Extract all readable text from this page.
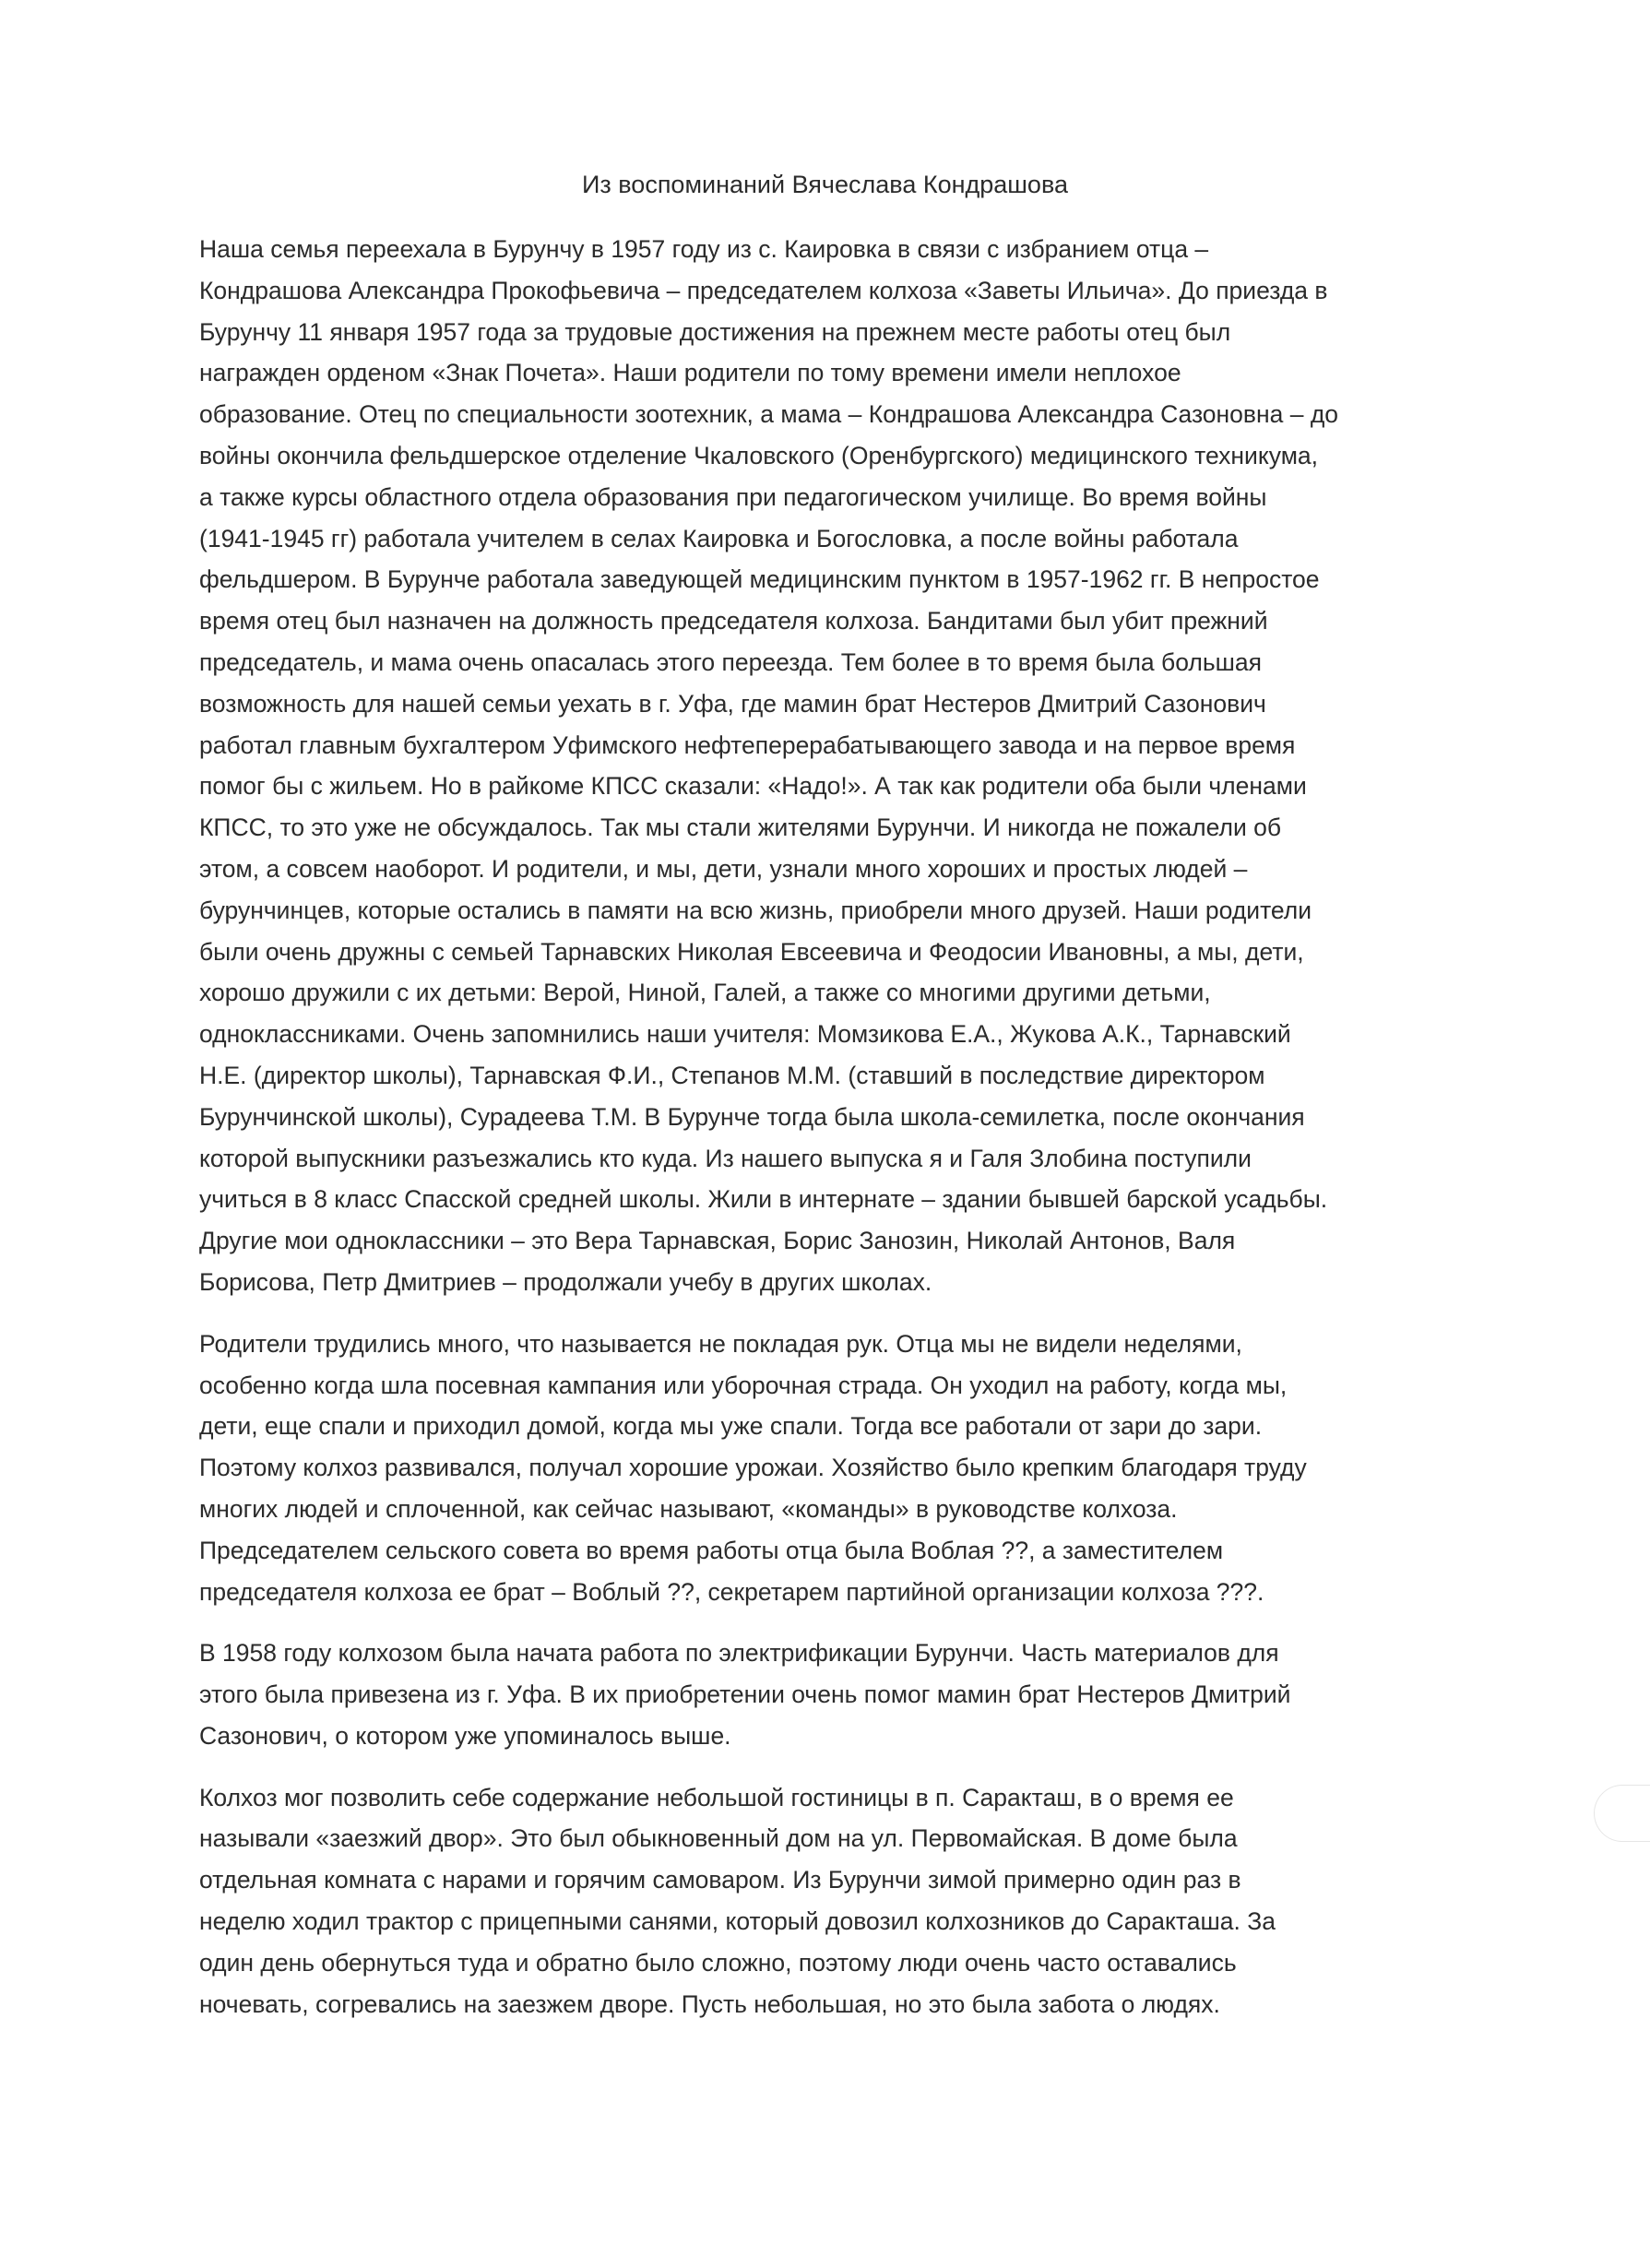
Из воспоминаний Вячеслава Кондрашова

Наша семья переехала в Бурунчу в 1957 году из с. Каировка в связи с избранием отца –
Кондрашова Александра Прокофьевича – председателем колхоза «Заветы Ильича». До приезда в
Бурунчу 11 января 1957 года за трудовые достижения на прежнем месте работы отец был
награжден орденом «Знак Почета». Наши родители по тому времени имели неплохое
образование. Отец по специальности зоотехник, а мама – Кондрашова Александра Сазоновна – до
войны окончила фельдшерское отделение Чкаловского (Оренбургского) медицинского техникума,
а также курсы областного отдела образования при педагогическом училище. Во время войны
(1941-1945 гг) работала учителем в селах Каировка и Богословка, а после войны работала
фельдшером. В Бурунче работала заведующей медицинским пунктом в 1957-1962 гг. В непростое
время отец был назначен на должность председателя колхоза. Бандитами был убит прежний
председатель, и мама очень опасалась этого переезда. Тем более в то время была большая
возможность для нашей семьи уехать в г. Уфа, где мамин брат Нестеров Дмитрий Сазонович
работал главным бухгалтером Уфимского нефтеперерабатывающего завода и на первое время
помог бы с жильем. Но в райкоме КПСС сказали: «Надо!». А так как родители оба были членами
КПСС, то это уже не обсуждалось. Так мы стали жителями Бурунчи. И никогда не пожалели об
этом, а совсем наоборот. И родители, и мы, дети, узнали много хороших и простых людей –
бурунчинцев, которые остались в памяти на всю жизнь, приобрели много друзей. Наши родители
были очень дружны с семьей Тарнавских Николая Евсеевича и Феодосии Ивановны, а мы, дети,
хорошо дружили с их детьми: Верой, Ниной, Галей, а также со многими другими детьми,
одноклассниками. Очень запомнились наши учителя: Момзикова Е.А., Жукова А.К., Тарнавский
Н.Е. (директор школы), Тарнавская Ф.И., Степанов М.М. (ставший в последствие директором
Бурунчинской школы), Сурадеева Т.М. В Бурунче тогда была школа-семилетка, после окончания
которой выпускники разъезжались кто куда. Из нашего выпуска я и Галя Злобина поступили
учиться в 8 класс Спасской средней школы. Жили в интернате – здании бывшей барской усадьбы.
Другие мои одноклассники – это Вера Тарнавская, Борис Занозин, Николай Антонов, Валя
Борисова, Петр Дмитриев – продолжали учебу в других школах.

Родители трудились много, что называется не покладая рук. Отца мы не видели неделями,
особенно когда шла посевная кампания или уборочная страда. Он уходил на работу, когда мы,
дети, еще спали и приходил домой, когда мы уже спали. Тогда все работали от зари до зари.
Поэтому колхоз развивался, получал хорошие урожаи. Хозяйство было крепким благодаря труду
многих людей и сплоченной, как сейчас называют, «команды» в руководстве колхоза.
Председателем сельского совета во время работы отца была Воблая ??, а заместителем
председателя колхоза ее брат – Воблый ??, секретарем партийной организации колхоза ???.

В 1958 году колхозом была начата работа по электрификации Бурунчи. Часть материалов для
этого была привезена из г. Уфа. В их приобретении очень помог мамин брат Нестеров Дмитрий
Сазонович, о котором уже упоминалось выше.

Колхоз мог позволить себе содержание небольшой гостиницы в п. Саракташ, в о время ее
называли «заезжий двор». Это был обыкновенный дом на ул. Первомайская. В доме была
отдельная комната с нарами и горячим самоваром. Из Бурунчи зимой примерно один раз в
неделю ходил трактор с прицепными санями, который довозил колхозников до Саракташа. За
один день обернуться туда и обратно было сложно, поэтому люди очень часто оставались
ночевать, согревались на заезжем дворе. Пусть небольшая, но это была забота о людях.
